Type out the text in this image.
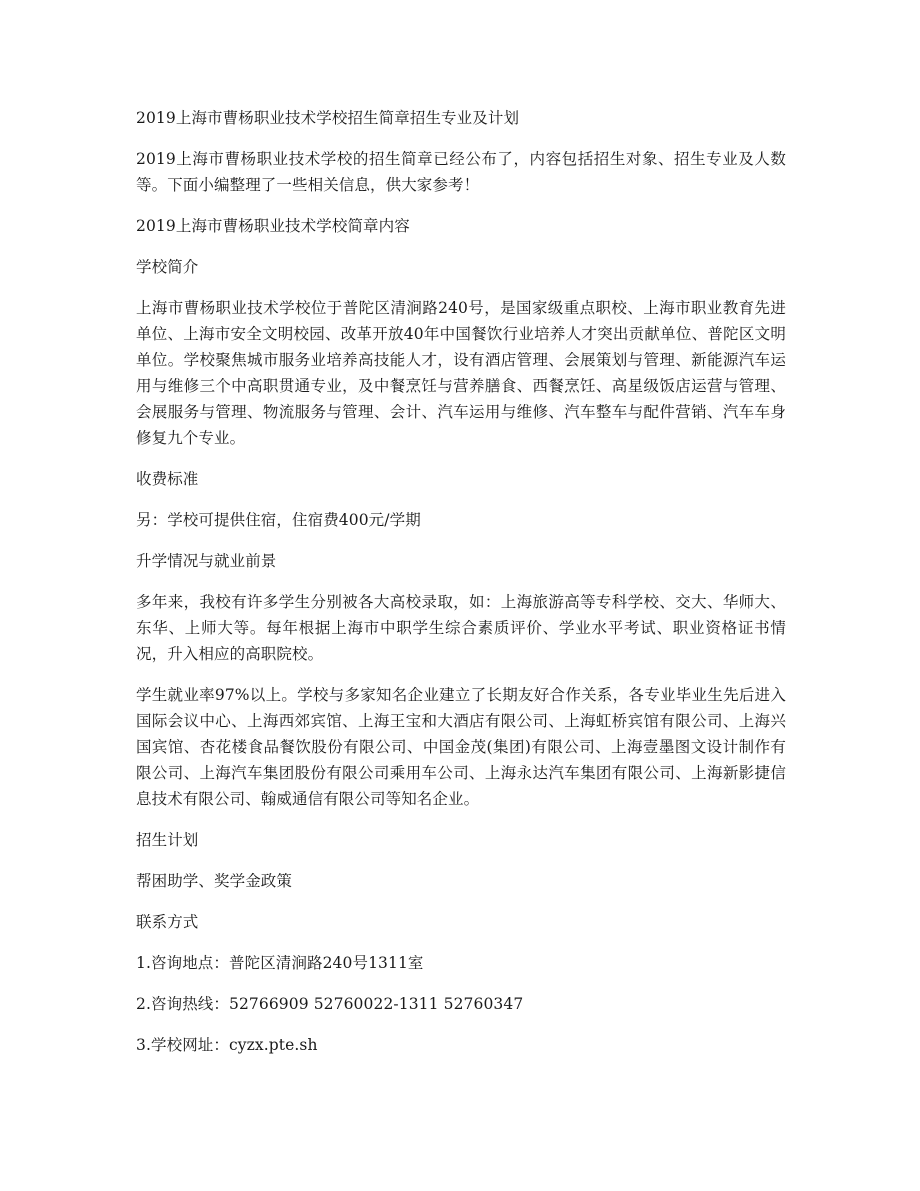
2019上海市曹杨职业技术学校招生简章招生专业及计划

2019上海市曹杨职业技术学校的招生简章已经公布了，内容包括招生对象、招生专业及人数等。下面小编整理了一些相关信息，供大家参考！

2019上海市曹杨职业技术学校简章内容

学校简介

上海市曹杨职业技术学校位于普陀区清涧路240号，是国家级重点职校、上海市职业教育先进单位、上海市安全文明校园、改革开放40年中国餐饮行业培养人才突出贡献单位、普陀区文明单位。学校聚焦城市服务业培养高技能人才，设有酒店管理、会展策划与管理、新能源汽车运用与维修三个中高职贯通专业，及中餐烹饪与营养膳食、西餐烹饪、高星级饭店运营与管理、会展服务与管理、物流服务与管理、会计、汽车运用与维修、汽车整车与配件营销、汽车车身修复九个专业。

收费标准

另：学校可提供住宿，住宿费400元/学期

升学情况与就业前景

多年来，我校有许多学生分别被各大高校录取，如：上海旅游高等专科学校、交大、华师大、东华、上师大等。每年根据上海市中职学生综合素质评价、学业水平考试、职业资格证书情况，升入相应的高职院校。

学生就业率97%以上。学校与多家知名企业建立了长期友好合作关系，各专业毕业生先后进入国际会议中心、上海西郊宾馆、上海王宝和大酒店有限公司、上海虹桥宾馆有限公司、上海兴国宾馆、杏花楼食品餐饮股份有限公司、中国金茂(集团)有限公司、上海壹墨图文设计制作有限公司、上海汽车集团股份有限公司乘用车公司、上海永达汽车集团有限公司、上海新影捷信息技术有限公司、翰威通信有限公司等知名企业。

招生计划

帮困助学、奖学金政策

联系方式

1.咨询地点：普陀区清涧路240号1311室

2.咨询热线：52766909 52760022-1311 52760347

3.学校网址：cyzx.pte.sh
